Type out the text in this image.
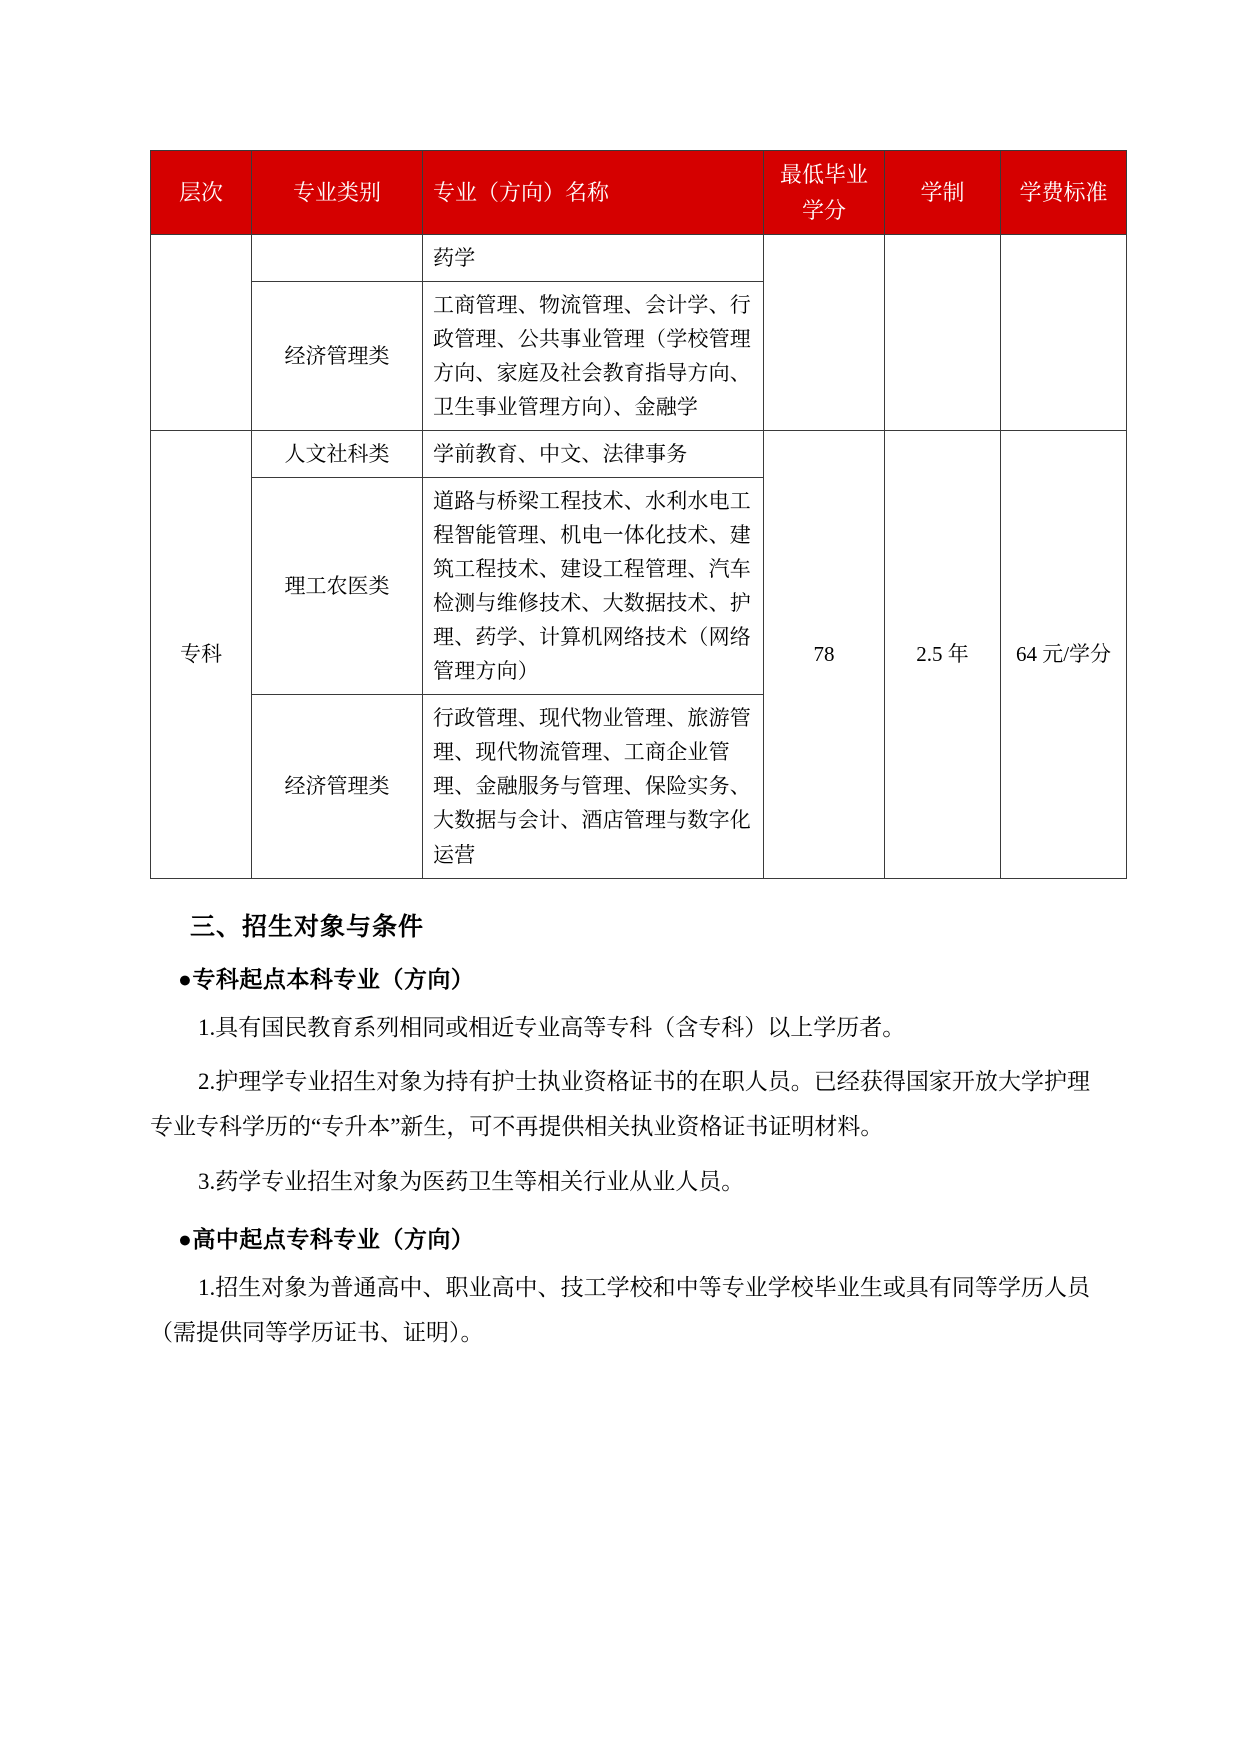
层次	专业类别	专业（方向）名称	最低毕业学分	学制	学费标准
		药学			
	经济管理类	工商管理、物流管理、会计学、行政管理、公共事业管理（学校管理方向、家庭及社会教育指导方向、卫生事业管理方向）、金融学			
专科	人文社科类	学前教育、中文、法律事务	78	2.5 年	64 元/学分
	理工农医类	道路与桥梁工程技术、水利水电工程智能管理、机电一体化技术、建筑工程技术、建设工程管理、汽车检测与维修技术、大数据技术、护理、药学、计算机网络技术（网络管理方向）			
	经济管理类	行政管理、现代物业管理、旅游管理、现代物流管理、工商企业管理、金融服务与管理、保险实务、大数据与会计、酒店管理与数字化运营			
三、招生对象与条件

●专科起点本科专业（方向）

1.具有国民教育系列相同或相近专业高等专科（含专科）以上学历者。

2.护理学专业招生对象为持有护士执业资格证书的在职人员。已经获得国家开放大学护理专业专科学历的“专升本”新生，可不再提供相关执业资格证书证明材料。

3.药学专业招生对象为医药卫生等相关行业从业人员。

●高中起点专科专业（方向）

1.招生对象为普通高中、职业高中、技工学校和中等专业学校毕业生或具有同等学历人员（需提供同等学历证书、证明）。
